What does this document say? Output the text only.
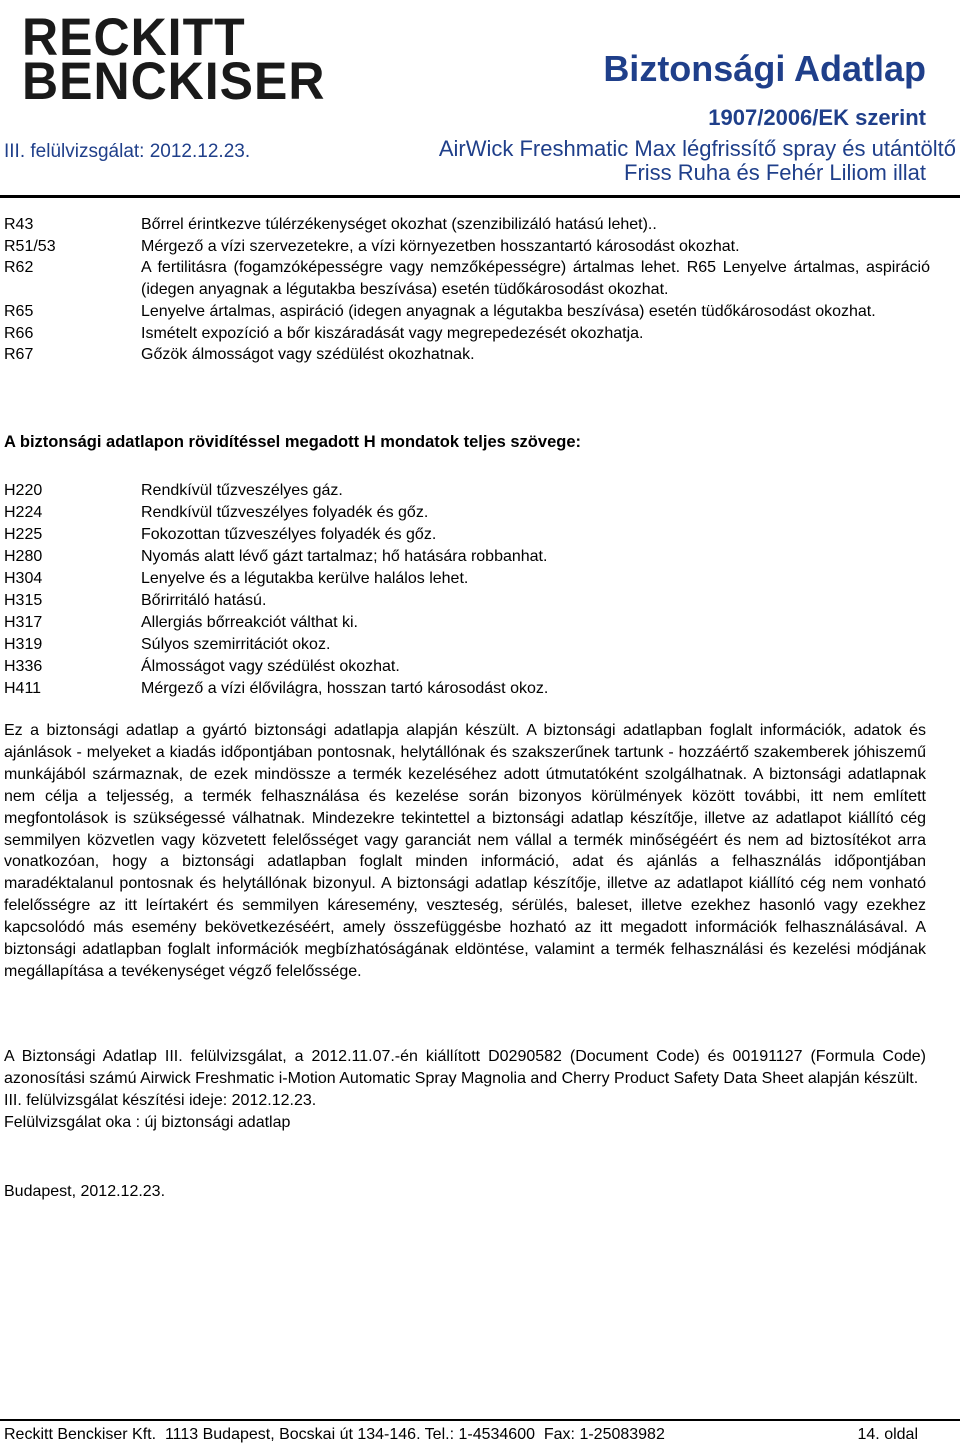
RECKITT
BENCKISER
III. felülvizsgálat: 2012.12.23.
Biztonsági Adatlap
1907/2006/EK szerint
AirWick Freshmatic Max légfrissítő spray és utántöltő
Friss Ruha és Fehér Liliom illat
R43	Bőrrel érintkezve túlérzékenységet okozhat (szenzibilizáló hatású lehet)..
R51/53	Mérgező a vízi szervezetekre, a vízi környezetben hosszantartó károsodást okozhat.
R62	A fertilitásra (fogamzóképességre vagy nemzőképességre) ártalmas lehet. R65 Lenyelve ártalmas, aspiráció (idegen anyagnak a légutakba beszívása) esetén tüdőkárosodást okozhat.
R65	Lenyelve ártalmas, aspiráció (idegen anyagnak a légutakba beszívása) esetén tüdőkárosodást okozhat.
R66	Ismételt expozíció a bőr kiszáradását vagy megrepedezését okozhatja.
R67	Gőzök álmosságot vagy szédülést okozhatnak.
A biztonsági adatlapon rövidítéssel megadott H mondatok teljes szövege:
H220	Rendkívül tűzveszélyes gáz.
H224	Rendkívül tűzveszélyes folyadék és gőz.
H225	Fokozottan tűzveszélyes folyadék és gőz.
H280	Nyomás alatt lévő gázt tartalmaz; hő hatására robbanhat.
H304	Lenyelve és a légutakba kerülve halálos lehet.
H315	Bőrirritáló hatású.
H317	Allergiás bőrreakciót válthat ki.
H319	Súlyos szemirritációt okoz.
H336	Álmosságot vagy szédülést okozhat.
H411	Mérgező a vízi élővilágra, hosszan tartó károsodást okoz.

Ez a biztonsági adatlap a gyártó biztonsági adatlapja alapján készült. A biztonsági adatlapban foglalt információk, adatok és ajánlások - melyeket a kiadás időpontjában pontosnak, helytállónak és szakszerűnek tartunk - hozzáértő szakemberek jóhiszemű munkájából származnak, de ezek mindössze a termék kezeléséhez adott útmutatóként szolgálhatnak. A biztonsági adatlapnak nem célja a teljesség, a termék felhasználása és kezelése során bizonyos körülmények között további, itt nem említett megfontolások is szükségessé válhatnak. Mindezekre tekintettel a biztonsági adatlap készítője, illetve az adatlapot kiállító cég semmilyen közvetlen vagy közvetett felelősséget vagy garanciát nem vállal a termék minőségéért és nem ad biztosítékot arra vonatkozóan, hogy a biztonsági adatlapban foglalt minden információ, adat és ajánlás a felhasználás időpontjában maradéktalanul pontosnak és helytállónak bizonyul. A biztonsági adatlap készítője, illetve az adatlapot kiállító cég nem vonható felelősségre az itt leírtakért és semmilyen káresemény, veszteség, sérülés, baleset, illetve ezekhez hasonló vagy ezekhez kapcsolódó más esemény bekövetkezéséért, amely összefüggésbe hozható az itt megadott információk felhasználásával. A biztonsági adatlapban foglalt információk megbízhatóságának eldöntése, valamint a termék felhasználási és kezelési módjának megállapítása a tevékenységet végző felelőssége.

A Biztonsági Adatlap III. felülvizsgálat, a 2012.11.07.-én kiállított D0290582 (Document Code) és 00191127 (Formula Code) azonosítási számú Airwick Freshmatic i-Motion Automatic Spray Magnolia and Cherry Product Safety Data Sheet alapján készült.

III. felülvizsgálat készítési ideje: 2012.12.23.

Felülvizsgálat oka : új biztonsági adatlap

Budapest, 2012.12.23.
Reckitt Benckiser Kft.  1113 Budapest, Bocskai út 134-146. Tel.: 1-4534600  Fax: 1-25083982	14. oldal
